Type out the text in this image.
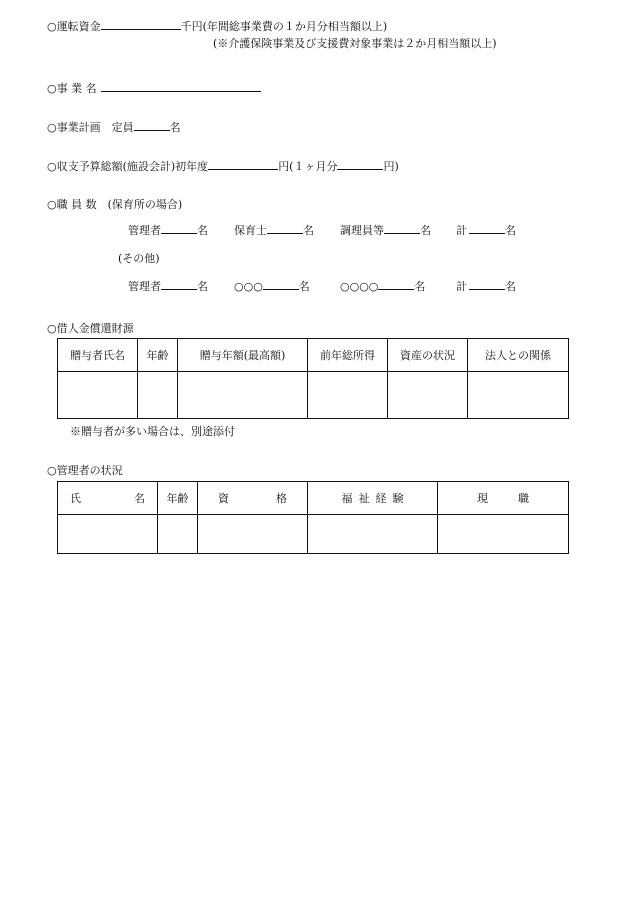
○運転資金	千円(年間総事業費の１か月分相当額以上)
(※介護保険事業及び支援費対象事業は２か月相当額以上)
○事 業 名
○事業計画　定員	名
○収支予算総額(施設会計)初年度	円(１ヶ月分	円)
○職 員 数　(保育所の場合)
管理者	名 保育士	名 調理員等	名 計	名
(その他)
管理者	名 ○○○	名	○○○○	名	計	名
○借人金償還財源
贈与者氏名	年齢	贈与年額(最高額)	前年総所得	資産の状況	法人との関係

※贈与者が多い場合は、別途添付
○管理者の状況
氏 名	年齢	資 格	福 祉 経 験	現 職
